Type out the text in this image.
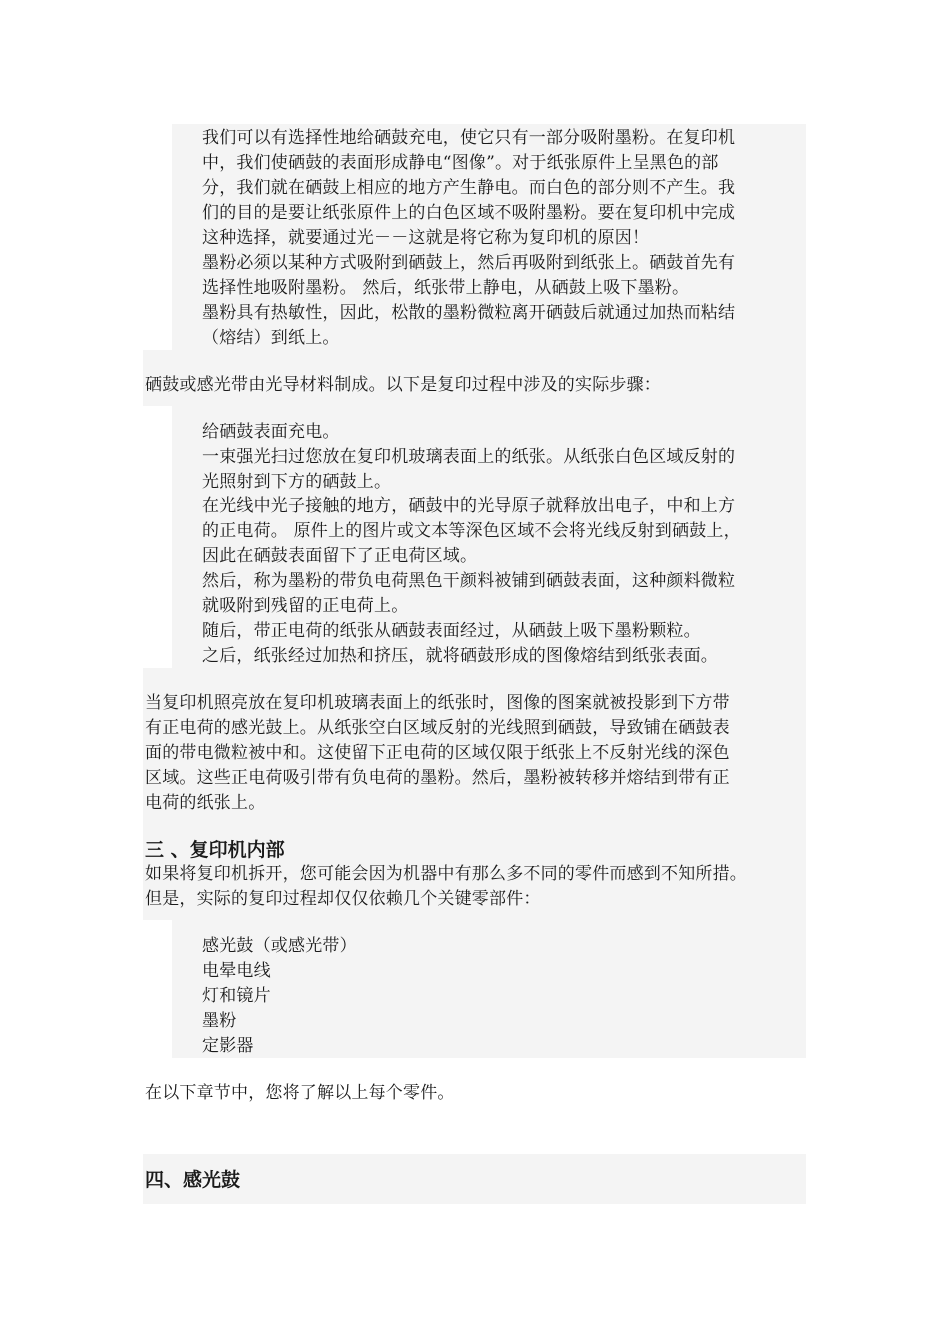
我们可以有选择性地给硒鼓充电，使它只有一部分吸附墨粉。在复印机
中，我们使硒鼓的表面形成静电“图像”。对于纸张原件上呈黑色的部
分，我们就在硒鼓上相应的地方产生静电。而白色的部分则不产生。我
们的目的是要让纸张原件上的白色区域不吸附墨粉。要在复印机中完成
这种选择，就要通过光－－这就是将它称为复印机的原因！
墨粉必须以某种方式吸附到硒鼓上，然后再吸附到纸张上。硒鼓首先有
选择性地吸附墨粉。 然后，纸张带上静电，从硒鼓上吸下墨粉。
墨粉具有热敏性，因此，松散的墨粉微粒离开硒鼓后就通过加热而粘结
（熔结）到纸上。
硒鼓或感光带由光导材料制成。以下是复印过程中涉及的实际步骤：
给硒鼓表面充电。
一束强光扫过您放在复印机玻璃表面上的纸张。从纸张白色区域反射的
光照射到下方的硒鼓上。
在光线中光子接触的地方，硒鼓中的光导原子就释放出电子，中和上方
的正电荷。 原件上的图片或文本等深色区域不会将光线反射到硒鼓上，
因此在硒鼓表面留下了正电荷区域。
然后，称为墨粉的带负电荷黑色干颜料被铺到硒鼓表面，这种颜料微粒
就吸附到残留的正电荷上。
随后，带正电荷的纸张从硒鼓表面经过，从硒鼓上吸下墨粉颗粒。
之后，纸张经过加热和挤压，就将硒鼓形成的图像熔结到纸张表面。
当复印机照亮放在复印机玻璃表面上的纸张时，图像的图案就被投影到下方带
有正电荷的感光鼓上。从纸张空白区域反射的光线照到硒鼓，导致铺在硒鼓表
面的带电微粒被中和。这使留下正电荷的区域仅限于纸张上不反射光线的深色
区域。这些正电荷吸引带有负电荷的墨粉。然后，墨粉被转移并熔结到带有正
电荷的纸张上。
三 、复印机内部
如果将复印机拆开，您可能会因为机器中有那么多不同的零件而感到不知所措。
但是，实际的复印过程却仅仅依赖几个关键零部件：
感光鼓（或感光带）
电晕电线
灯和镜片
墨粉
定影器
在以下章节中，您将了解以上每个零件。
四、感光鼓
